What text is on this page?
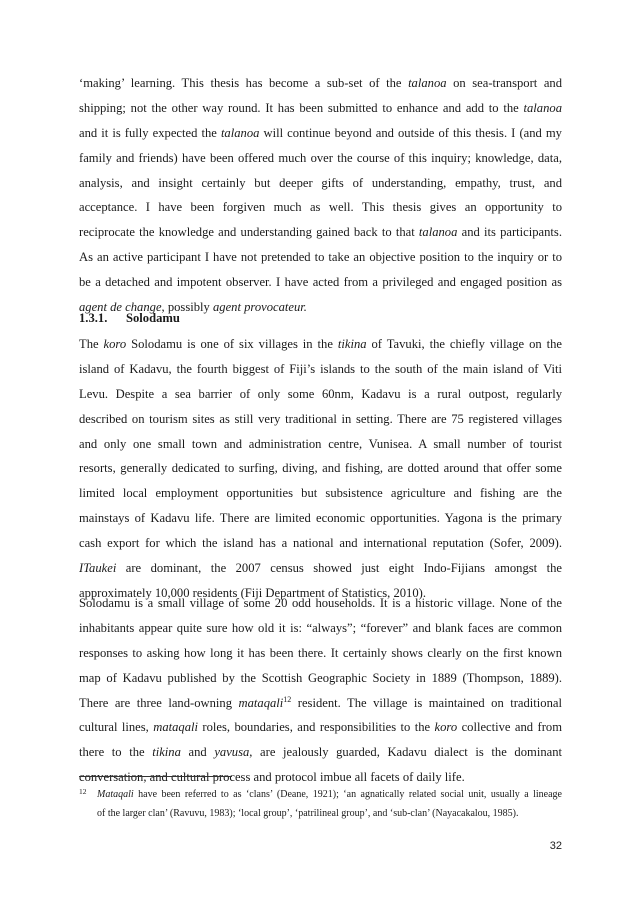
‘making’ learning. This thesis has become a sub-set of the talanoa on sea-transport and
shipping; not the other way round. It has been submitted to enhance and add to the talanoa
and it is fully expected the talanoa will continue beyond and outside of this thesis. I (and my
family and friends) have been offered much over the course of this inquiry; knowledge, data,
analysis, and insight certainly but deeper gifts of understanding, empathy, trust, and
acceptance. I have been forgiven much as well. This thesis gives an opportunity to
reciprocate the knowledge and understanding gained back to that talanoa and its participants.
As an active participant I have not pretended to take an objective position to the inquiry or to
be a detached and impotent observer. I have acted from a privileged and engaged position as
agent de change, possibly agent provocateur.
1.3.1. Solodamu
The koro Solodamu is one of six villages in the tikina of Tavuki, the chiefly village on the
island of Kadavu, the fourth biggest of Fiji’s islands to the south of the main island of Viti
Levu. Despite a sea barrier of only some 60nm, Kadavu is a rural outpost, regularly
described on tourism sites as still very traditional in setting. There are 75 registered villages
and only one small town and administration centre, Vunisea. A small number of tourist
resorts, generally dedicated to surfing, diving, and fishing, are dotted around that offer some
limited local employment opportunities but subsistence agriculture and fishing are the
mainstays of Kadavu life. There are limited economic opportunities. Yagona is the primary
cash export for which the island has a national and international reputation (Sofer, 2009).
ITaukei are dominant, the 2007 census showed just eight Indo-Fijians amongst the
approximately 10,000 residents (Fiji Department of Statistics, 2010).
Solodamu is a small village of some 20 odd households. It is a historic village. None of the
inhabitants appear quite sure how old it is: “always”; “forever” and blank faces are common
responses to asking how long it has been there. It certainly shows clearly on the first known
map of Kadavu published by the Scottish Geographic Society in 1889 (Thompson, 1889).
There are three land-owning mataqali$^{12}$ resident. The village is maintained on traditional
cultural lines, mataqali roles, boundaries, and responsibilities to the koro collective and from
there to the tikina and yavusa, are jealously guarded, Kadavu dialect is the dominant
conversation, and cultural process and protocol imbue all facets of daily life.
12 Mataqali have been referred to as ‘clans’ (Deane, 1921); ‘an agnatically related social unit, usually a lineage
of the larger clan’ (Ravuvu, 1983); ‘local group’, ‘patrilineal group’, and ‘sub-clan’ (Nayacakalou, 1985).
32
